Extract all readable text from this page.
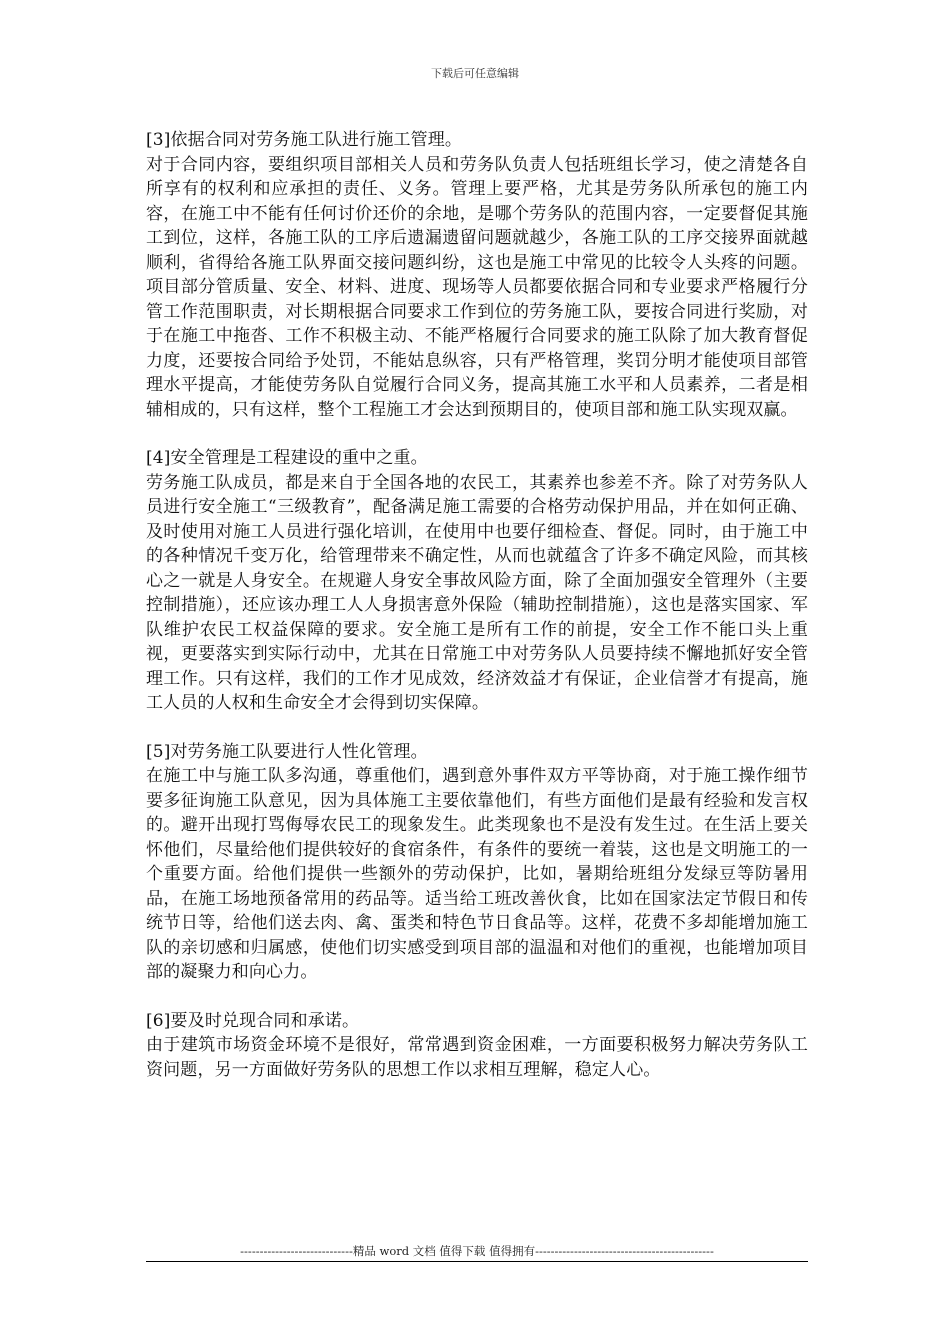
下载后可任意编辑

[3]依据合同对劳务施工队进行施工管理。

对于合同内容，要组织项目部相关人员和劳务队负责人包括班组长学习，使之清楚各自所享有的权利和应承担的责任、义务。管理上要严格，尤其是劳务队所承包的施工内容，在施工中不能有任何讨价还价的余地，是哪个劳务队的范围内容，一定要督促其施工到位，这样，各施工队的工序后遗漏遗留问题就越少，各施工队的工序交接界面就越顺利，省得给各施工队界面交接问题纠纷，这也是施工中常见的比较令人头疼的问题。项目部分管质量、安全、材料、进度、现场等人员都要依据合同和专业要求严格履行分管工作范围职责，对长期根据合同要求工作到位的劳务施工队，要按合同进行奖励，对于在施工中拖沓、工作不积极主动、不能严格履行合同要求的施工队除了加大教育督促力度，还要按合同给予处罚，不能姑息纵容，只有严格管理，奖罚分明才能使项目部管理水平提高，才能使劳务队自觉履行合同义务，提高其施工水平和人员素养，二者是相辅相成的，只有这样，整个工程施工才会达到预期目的，使项目部和施工队实现双赢。

[4]安全管理是工程建设的重中之重。

劳务施工队成员，都是来自于全国各地的农民工，其素养也参差不齐。除了对劳务队人员进行安全施工“三级教育”，配备满足施工需要的合格劳动保护用品，并在如何正确、及时使用对施工人员进行强化培训，在使用中也要仔细检查、督促。同时，由于施工中的各种情况千变万化，给管理带来不确定性，从而也就蕴含了许多不确定风险，而其核心之一就是人身安全。在规避人身安全事故风险方面，除了全面加强安全管理外（主要控制措施），还应该办理工人人身损害意外保险（辅助控制措施），这也是落实国家、军队维护农民工权益保障的要求。安全施工是所有工作的前提，安全工作不能口头上重视，更要落实到实际行动中，尤其在日常施工中对劳务队人员要持续不懈地抓好安全管理工作。只有这样，我们的工作才见成效，经济效益才有保证，企业信誉才有提高，施工人员的人权和生命安全才会得到切实保障。

[5]对劳务施工队要进行人性化管理。

在施工中与施工队多沟通，尊重他们，遇到意外事件双方平等协商，对于施工操作细节要多征询施工队意见，因为具体施工主要依靠他们，有些方面他们是最有经验和发言权的。避开出现打骂侮辱农民工的现象发生。此类现象也不是没有发生过。在生活上要关怀他们，尽量给他们提供较好的食宿条件，有条件的要统一着装，这也是文明施工的一个重要方面。给他们提供一些额外的劳动保护，比如，暑期给班组分发绿豆等防暑用品，在施工场地预备常用的药品等。适当给工班改善伙食，比如在国家法定节假日和传统节日等，给他们送去肉、禽、蛋类和特色节日食品等。这样，花费不多却能增加施工队的亲切感和归属感，使他们切实感受到项目部的温温和对他们的重视，也能增加项目部的凝聚力和向心力。

[6]要及时兑现合同和承诺。

由于建筑市场资金环境不是很好，常常遇到资金困难，一方面要积极努力解决劳务队工资问题，另一方面做好劳务队的思想工作以求相互理解，稳定人心。

-----------------------------精品 word 文档 值得下载 值得拥有----------------------------------------------
